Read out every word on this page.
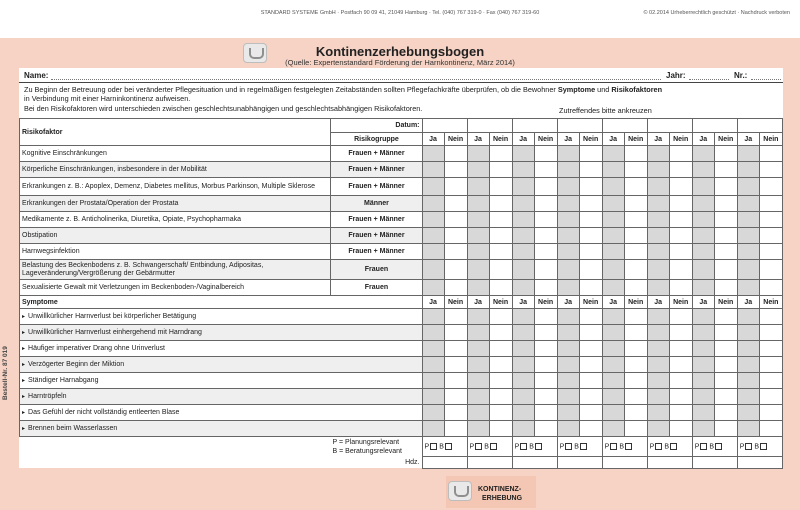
STANDARD SYSTEME GmbH · Postfach 90 09 41, 21049 Hamburg · Tel. (040) 767 319-0 · Fax (040) 767 319-60	© 02.2014 Urheberrechtlich geschützt · Nachdruck verboten
Kontinenzerhebungsbogen
(Quelle: Expertenstandard Förderung der Harnkontinenz, März 2014)
Name:	Jahr:	Nr.:
Zu Beginn der Betreuung oder bei veränderter Pflegesituation und in regelmäßigen festgelegten Zeitabständen sollten Pflegefachkräfte überprüfen, ob die Bewohner Symptome und Risikofaktoren
in Verbindung mit einer Harninkontinenz aufweisen.
Bei den Risikofaktoren wird unterschieden zwischen geschlechtsunabhängigen und geschlechtsabhängigen Risikofaktoren.	Zutreffendes bitte ankreuzen
Risikofaktor	Datum:																
	Risikogruppe	Ja	Nein	Ja	Nein	Ja	Nein	Ja	Nein	Ja	Nein	Ja	Nein	Ja	Nein	Ja	Nein
Kognitive Einschränkungen	Frauen + Männer																
Körperliche Einschränkungen, insbesondere in der Mobilität	Frauen + Männer																
Erkrankungen z. B.: Apoplex, Demenz, Diabetes mellitus, Morbus Parkinson, Multiple Sklerose	Frauen + Männer																
Erkrankungen der Prostata/Operation der Prostata	Männer																
Medikamente z. B. Anticholinerika, Diuretika, Opiate, Psychopharmaka	Frauen + Männer																
Obstipation	Frauen + Männer																
Harnwegsinfektion	Frauen + Männer																
Belastung des Beckenbodens z. B. Schwangerschaft/ Entbindung, Adipositas, Lageveränderung/Vergrößerung der Gebärmutter	Frauen																
Sexualisierte Gewalt mit Verletzungen im Beckenboden-/Vaginalbereich	Frauen																
Symptome		Ja	Nein	Ja	Nein	Ja	Nein	Ja	Nein	Ja	Nein	Ja	Nein	Ja	Nein	Ja	Nein
▸ Unwillkürlicher Harnverlust bei körperlicher Betätigung																
▸ Unwillkürlicher Harnverlust einhergehend mit Harndrang																
▸ Häufiger imperativer Drang ohne Urinverlust																
▸ Verzögerter Beginn der Miktion																
▸ Ständiger Harnabgang																
▸ Harntröpfeln																
▸ Das Gefühl der nicht vollständig entleerten Blase																
▸ Brennen beim Wasserlassen																

P = Planungsrelevant
B = Beratungsrelevant
Hdz.		P B		P B		P B		P B		P B		P B		P B		P B	

Bestell-Nr. 87 019
KONTINENZ-
ERHEBUNG
